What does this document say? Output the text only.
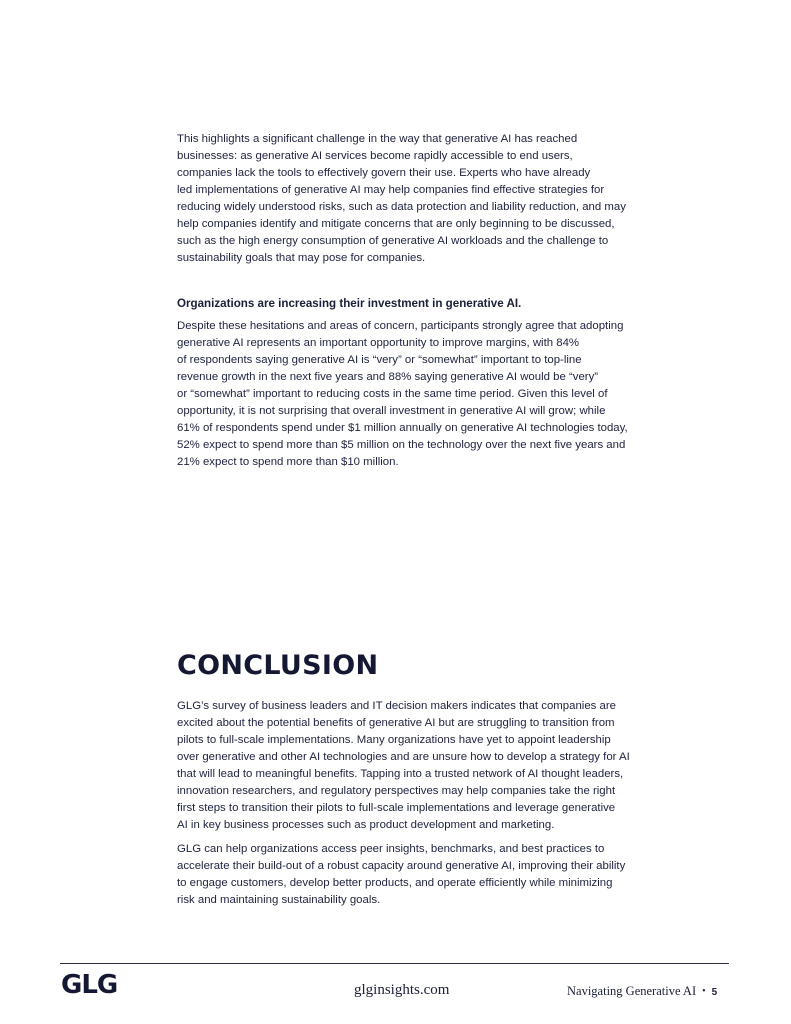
This highlights a significant challenge in the way that generative AI has reached
businesses: as generative AI services become rapidly accessible to end users,
companies lack the tools to effectively govern their use. Experts who have already
led implementations of generative AI may help companies find effective strategies for
reducing widely understood risks, such as data protection and liability reduction, and may
help companies identify and mitigate concerns that are only beginning to be discussed,
such as the high energy consumption of generative AI workloads and the challenge to
sustainability goals that may pose for companies.

Organizations are increasing their investment in generative AI.

Despite these hesitations and areas of concern, participants strongly agree that adopting
generative AI represents an important opportunity to improve margins, with 84%
of respondents saying generative AI is “very” or “somewhat” important to top-line
revenue growth in the next five years and 88% saying generative AI would be “very”
or “somewhat” important to reducing costs in the same time period. Given this level of
opportunity, it is not surprising that overall investment in generative AI will grow; while
61% of respondents spend under $1 million annually on generative AI technologies today,
52% expect to spend more than $5 million on the technology over the next five years and
21% expect to spend more than $10 million.

CONCLUSION

GLG’s survey of business leaders and IT decision makers indicates that companies are
excited about the potential benefits of generative AI but are struggling to transition from
pilots to full-scale implementations. Many organizations have yet to appoint leadership
over generative and other AI technologies and are unsure how to develop a strategy for AI
that will lead to meaningful benefits. Tapping into a trusted network of AI thought leaders,
innovation researchers, and regulatory perspectives may help companies take the right
first steps to transition their pilots to full-scale implementations and leverage generative
AI in key business processes such as product development and marketing.

GLG can help organizations access peer insights, benchmarks, and best practices to
accelerate their build-out of a robust capacity around generative AI, improving their ability
to engage customers, develop better products, and operate efficiently while minimizing
risk and maintaining sustainability goals.

GLG	glginsights.com	Navigating Generative AI • 5
